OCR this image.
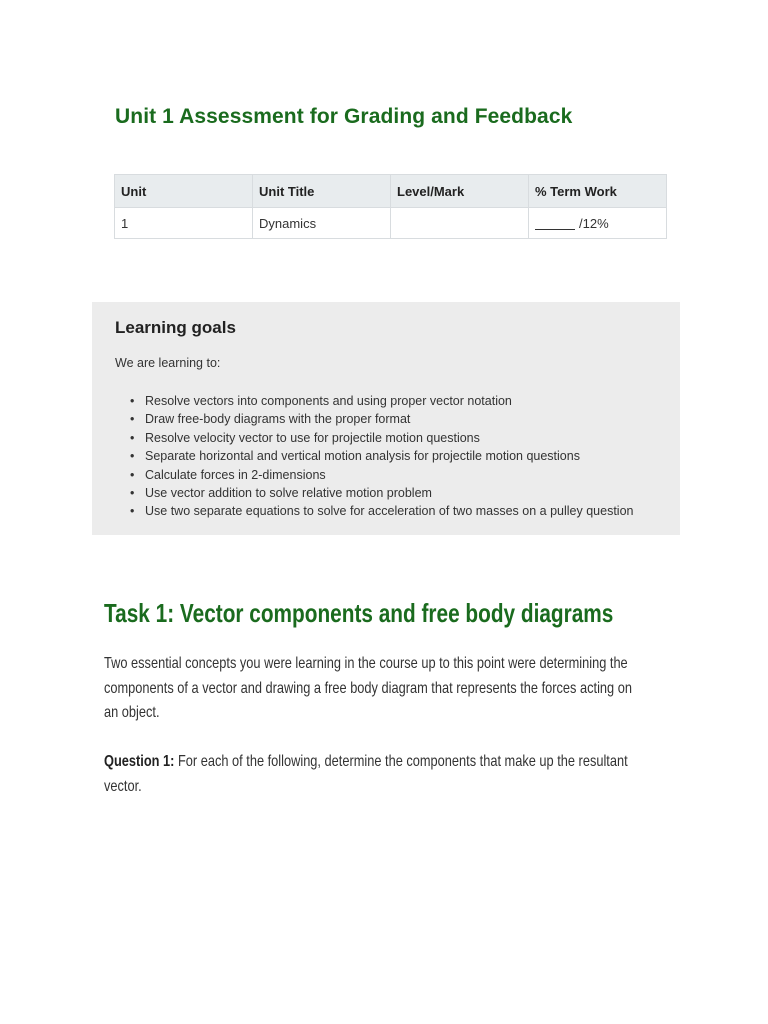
Unit 1 Assessment for Grading and Feedback
Unit	Unit Title	Level/Mark	% Term Work
1	Dynamics		/12%
Learning goals

We are learning to:

• Resolve vectors into components and using proper vector notation
• Draw free-body diagrams with the proper format
• Resolve velocity vector to use for projectile motion questions
• Separate horizontal and vertical motion analysis for projectile motion questions
• Calculate forces in 2-dimensions
• Use vector addition to solve relative motion problem
• Use two separate equations to solve for acceleration of two masses on a pulley question
Task 1: Vector components and free body diagrams

Two essential concepts you were learning in the course up to this point were determining the components of a vector and drawing a free body diagram that represents the forces acting on an object.

Question 1: For each of the following, determine the components that make up the resultant vector.
